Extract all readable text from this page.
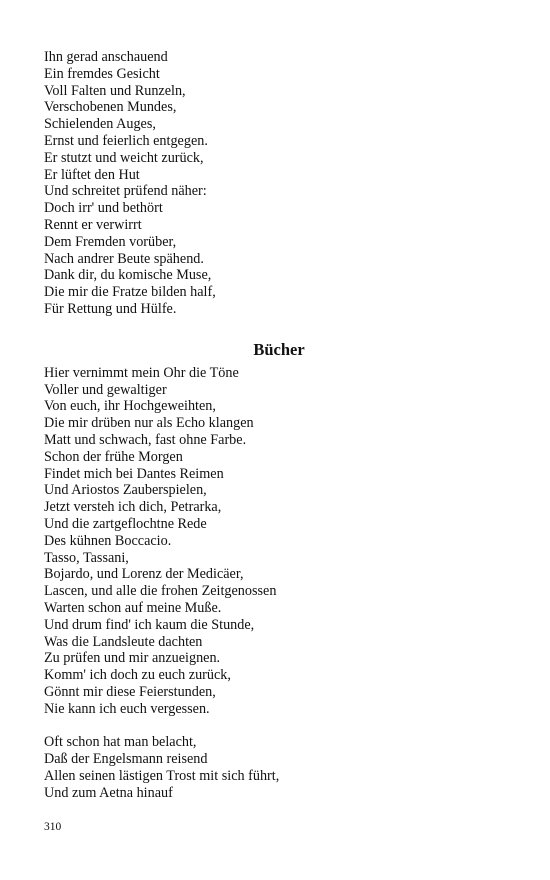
Ihn gerad anschauend
Ein fremdes Gesicht
Voll Falten und Runzeln,
Verschobenen Mundes,
Schielenden Auges,
Ernst und feierlich entgegen.
Er stutzt und weicht zurück,
Er lüftet den Hut
Und schreitet prüfend näher:
Doch irr' und bethört
Rennt er verwirrt
Dem Fremden vorüber,
Nach andrer Beute spähend.
Dank dir, du komische Muse,
Die mir die Fratze bilden half,
Für Rettung und Hülfe.
Bücher
Hier vernimmt mein Ohr die Töne
Voller und gewaltiger
Von euch, ihr Hochgeweihten,
Die mir drüben nur als Echo klangen
Matt und schwach, fast ohne Farbe.
Schon der frühe Morgen
Findet mich bei Dantes Reimen
Und Ariostos Zauberspielen,
Jetzt versteh ich dich, Petrarka,
Und die zartgeflochtne Rede
Des kühnen Boccacio.
Tasso, Tassani,
Bojardo, und Lorenz der Medicäer,
Lascen, und alle die frohen Zeitgenossen
Warten schon auf meine Muße.
Und drum find' ich kaum die Stunde,
Was die Landsleute dachten
Zu prüfen und mir anzueignen.
Komm' ich doch zu euch zurück,
Gönnt mir diese Feierstunden,
Nie kann ich euch vergessen.
Oft schon hat man belacht,
Daß der Engelsmann reisend
Allen seinen lästigen Trost mit sich führt,
Und zum Aetna hinauf
310
